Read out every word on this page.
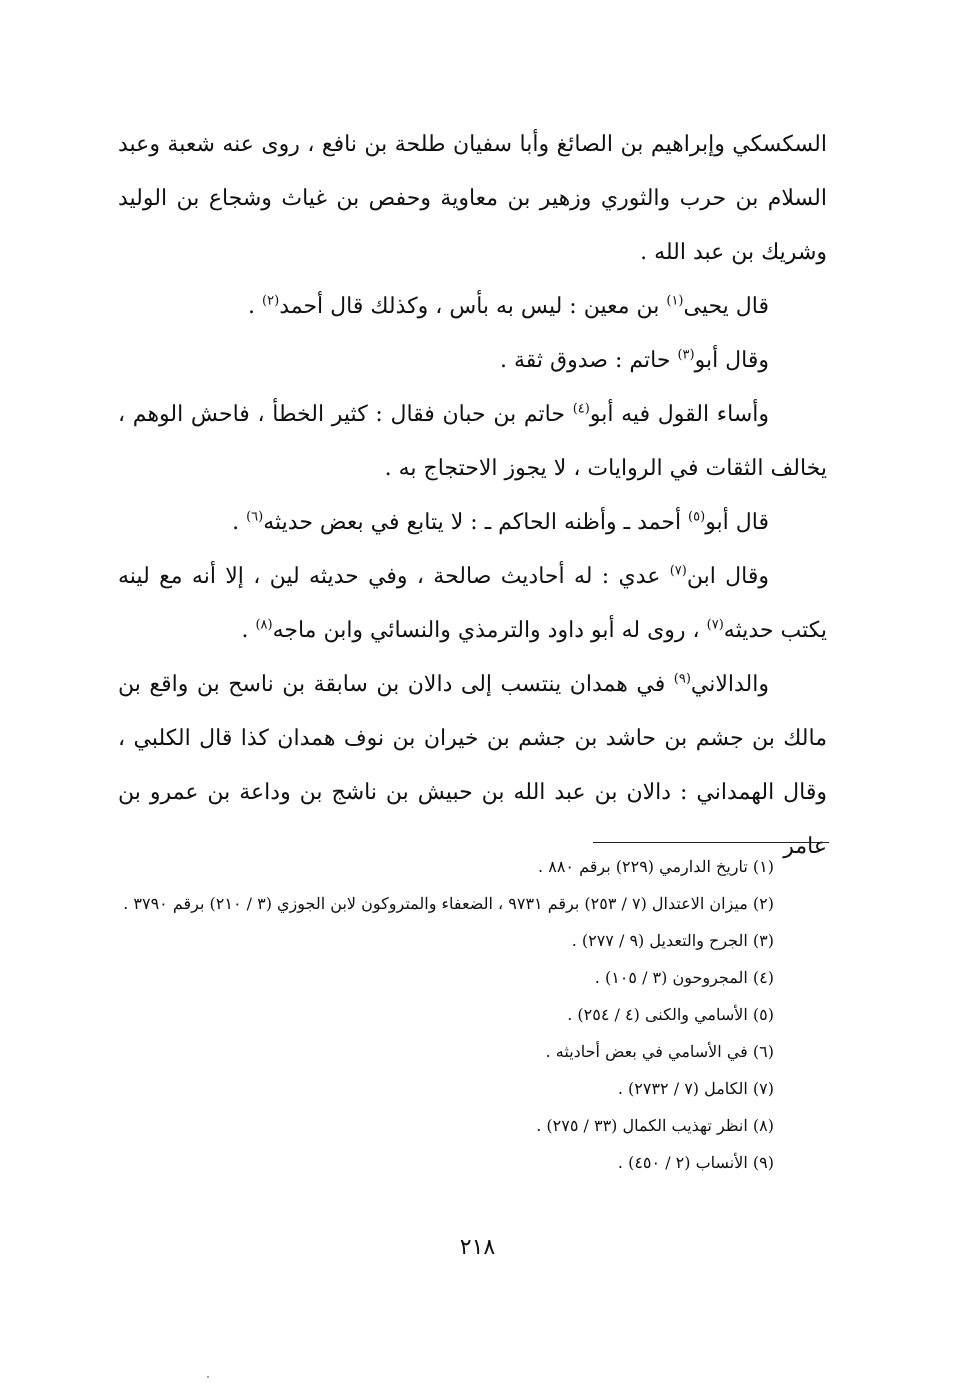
السكسكي وإبراهيم بن الصائغ وأبا سفيان طلحة بن نافع ، روى عنه شعبة وعبد السلام بن حرب والثوري وزهير بن معاوية وحفص بن غياث وشجاع بن الوليد وشريك بن عبد الله .

قال يحيى$^{(١)}$ بن معين : ليس به بأس ، وكذلك قال أحمد$^{(٢)}$ .

وقال أبو$^{(٣)}$ حاتم : صدوق ثقة .

وأساء القول فيه أبو$^{(٤)}$ حاتم بن حبان فقال : كثير الخطأ ، فاحش الوهم ، يخالف الثقات في الروايات ، لا يجوز الاحتجاج به .

قال أبو$^{(٥)}$ أحمد ـ وأظنه الحاكم ـ : لا يتابع في بعض حديثه$^{(٦)}$ .

وقال ابن$^{(٧)}$ عدي : له أحاديث صالحة ، وفي حديثه لين ، إلا أنه مع لينه يكتب حديثه$^{(٧)}$ ، روى له أبو داود والترمذي والنسائي وابن ماجه$^{(٨)}$ .

والدالاني$^{(٩)}$ في همدان ينتسب إلى دالان بن سابقة بن ناسح بن واقع بن مالك بن جشم بن حاشد بن جشم بن خيران بن نوف همدان كذا قال الكلبي ، وقال الهمداني : دالان بن عبد الله بن حبيش بن ناشج بن وداعة بن عمرو بن عامر

(١) تاريخ الدارمي (٢٢٩) برقم ٨٨٠ .

(٢) ميزان الاعتدال (٧ / ٢٥٣) برقم ٩٧٣١ ، الضعفاء والمتروكون لابن الجوزي (٣ / ٢١٠) برقم ٣٧٩٠ .

(٣) الجرح والتعديل (٩ / ٢٧٧) .

(٤) المجروحون (٣ / ١٠٥) .

(٥) الأسامي والكنى (٤ / ٢٥٤) .

(٦) في الأسامي في بعض أحاديثه .

(٧) الكامل (٧ / ٢٧٣٢) .

(٨) انظر تهذيب الكمال (٣٣ / ٢٧٥) .

(٩) الأنساب (٢ / ٤٥٠) .

٢١٨
